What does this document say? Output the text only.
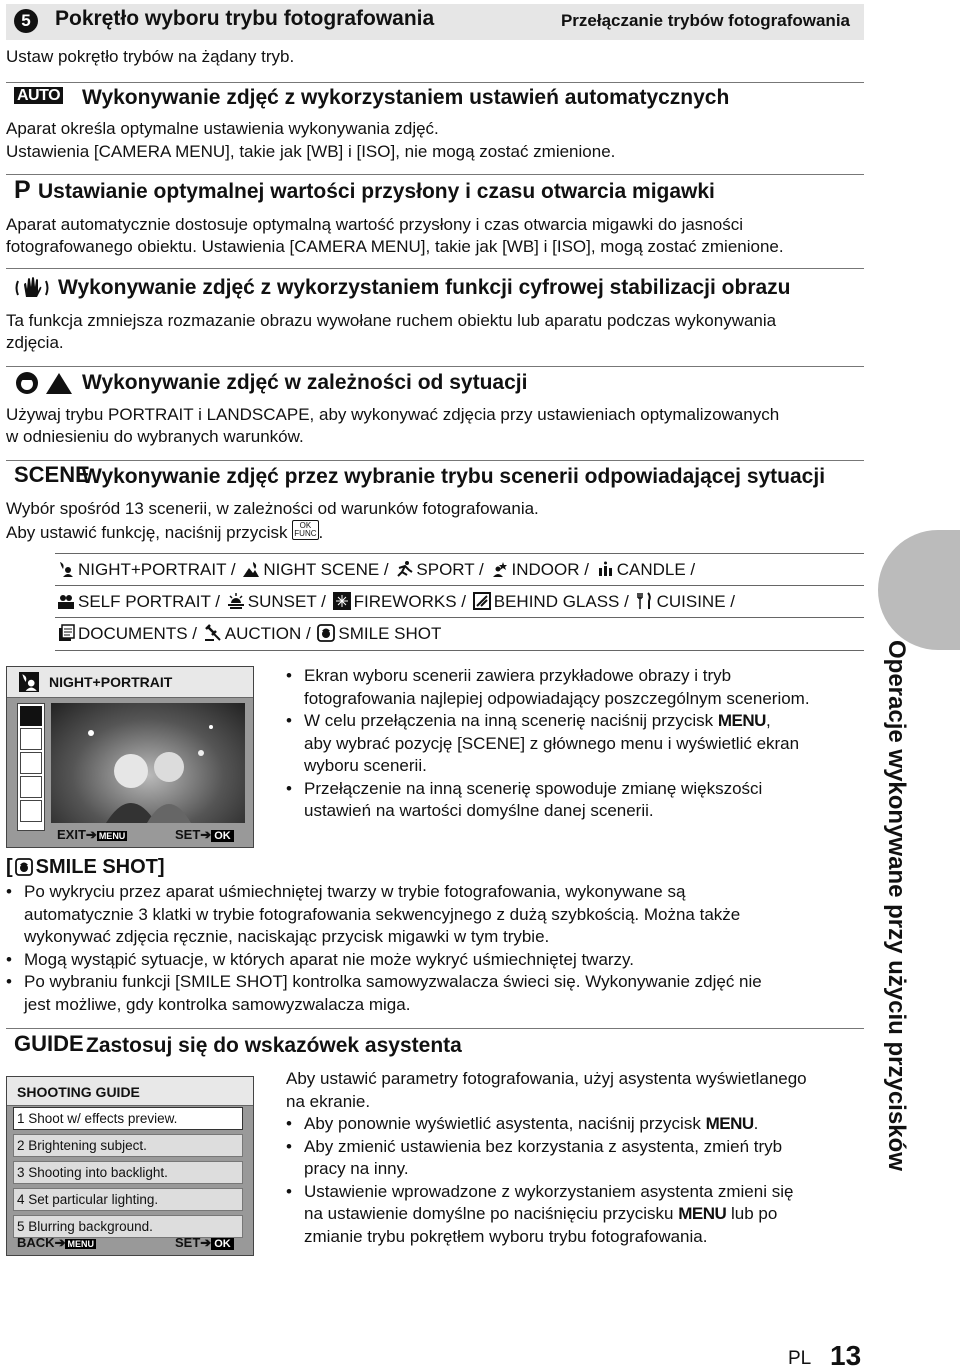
5	Pokrętło wyboru trybu fotografowania	Przełączanie trybów fotografowania
Ustaw pokrętło trybów na żądany tryb.
AUTO Wykonywanie zdjęć z wykorzystaniem ustawień automatycznych
Aparat określa optymalne ustawienia wykonywania zdjęć.
Ustawienia [CAMERA MENU], takie jak [WB] i [ISO], nie mogą zostać zmienione.
P Ustawianie optymalnej wartości przysłony i czasu otwarcia migawki
Aparat automatycznie dostosuje optymalną wartość przysłony i czas otwarcia migawki do jasności
fotografowanego obiektu. Ustawienia [CAMERA MENU], takie jak [WB] i [ISO], mogą zostać zmienione.
Wykonywanie zdjęć z wykorzystaniem funkcji cyfrowej stabilizacji obrazu
Ta funkcja zmniejsza rozmazanie obrazu wywołane ruchem obiektu lub aparatu podczas wykonywania
zdjęcia.
Wykonywanie zdjęć w zależności od sytuacji
Używaj trybu PORTRAIT i LANDSCAPE, aby wykonywać zdjęcia przy ustawieniach optymalizowanych
w odniesieniu do wybranych warunków.
SCENE
Wykonywanie zdjęć przez wybranie trybu scenerii odpowiadającej sytuacji
Wybór spośród 13 scenerii, w zależności od warunków fotografowania.
Aby ustawić funkcję, naciśnij przycisk OK
FUNC .
NIGHT+PORTRAIT / NIGHT SCENE / SPORT / INDOOR / CANDLE /
SELF PORTRAIT / SUNSET / FIREWORKS / BEHIND GLASS / CUISINE /
DOCUMENTS / AUCTION / SMILE SHOT
Operacje wykonywane przy użyciu przycisków
NIGHT+PORTRAIT
EXIT➔ MENU	SET➔ OK
• Ekran wyboru scenerii zawiera przykładowe obrazy i tryb
fotografowania najlepiej odpowiadający poszczególnym sceneriom.
• W celu przełączenia na inną scenerię naciśnij przycisk MENU,
aby wybrać pozycję [SCENE] z głównego menu i wyświetlić ekran
wyboru scenerii.
• Przełączenie na inną scenerię spowoduje zmianę większości
ustawień na wartości domyślne danej scenerii.
[ SMILE SHOT]
• Po wykryciu przez aparat uśmiechniętej twarzy w trybie fotografowania, wykonywane są
automatycznie 3 klatki w trybie fotografowania sekwencyjnego z dużą szybkością. Można także
wykonywać zdjęcia ręcznie, naciskając przycisk migawki w tym trybie.
• Mogą wystąpić sytuacje, w których aparat nie może wykryć uśmiechniętej twarzy.
• Po wybraniu funkcji [SMILE SHOT] kontrolka samowyzwalacza świeci się. Wykonywanie zdjęć nie
jest możliwe, gdy kontrolka samowyzwalacza miga.
GUIDE Zastosuj się do wskazówek asystenta
SHOOTING GUIDE
1 Shoot w/ effects preview.
2 Brightening subject.
3 Shooting into backlight.
4 Set particular lighting.
5 Blurring background.
BACK➔ MENU	SET➔ OK
Aby ustawić parametry fotografowania, użyj asystenta wyświetlanego
na ekranie.
• Aby ponownie wyświetlić asystenta, naciśnij przycisk MENU.
• Aby zmienić ustawienia bez korzystania z asystenta, zmień tryb
pracy na inny.
• Ustawienie wprowadzone z wykorzystaniem asystenta zmieni się
na ustawienie domyślne po naciśnięciu przycisku MENU lub po
zmianie trybu pokrętłem wyboru trybu fotografowania.
PL 13
